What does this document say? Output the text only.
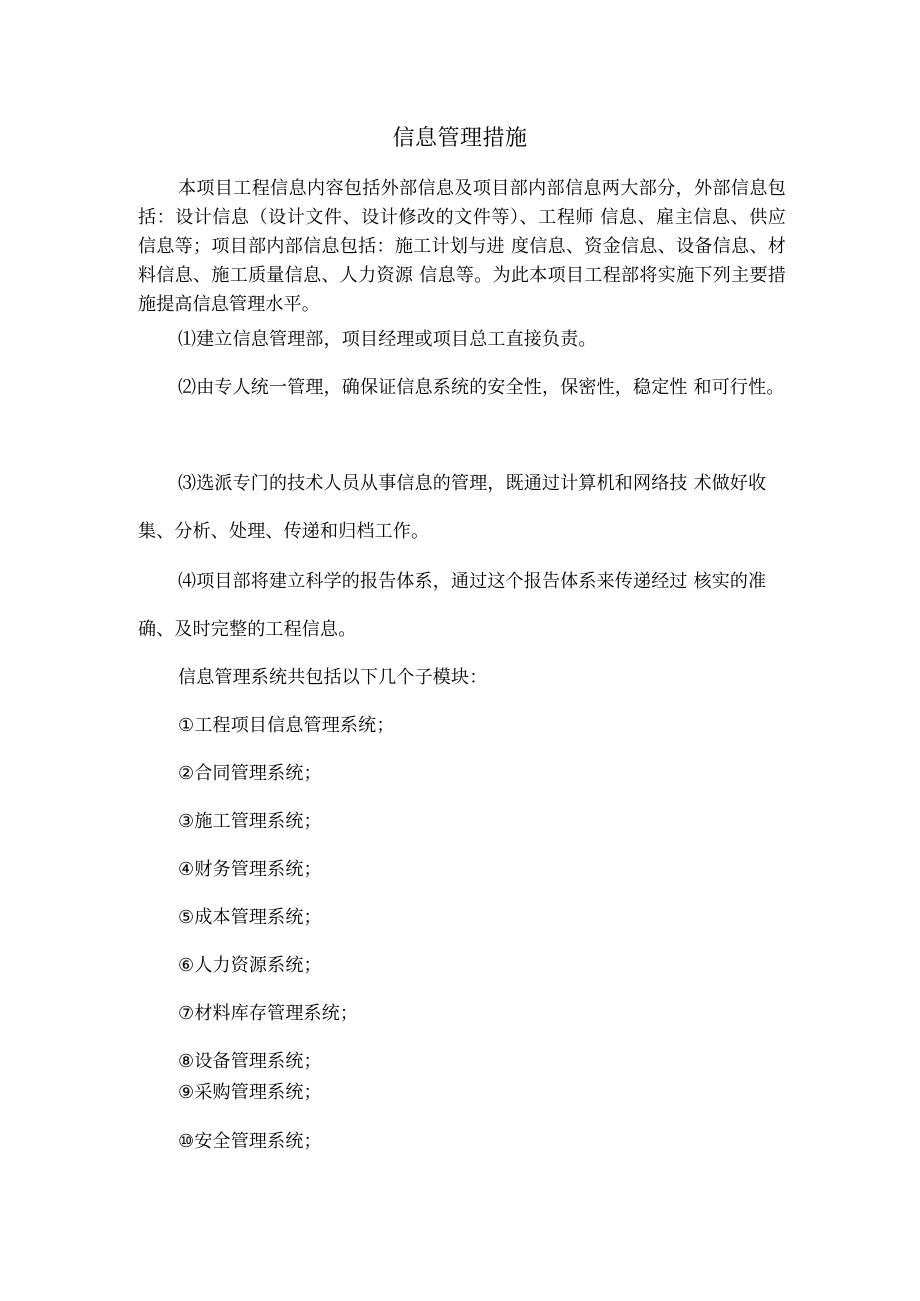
信息管理措施

本项目工程信息内容包括外部信息及项目部内部信息两大部分，外部信息包括：设计信息（设计文件、设计修改的文件等）、工程师 信息、雇主信息、供应信息等；项目部内部信息包括：施工计划与进 度信息、资金信息、设备信息、材料信息、施工质量信息、人力资源 信息等。为此本项目工程部将实施下列主要措施提高信息管理水平。

⑴建立信息管理部，项目经理或项目总工直接负责。

⑵由专人统一管理，确保证信息系统的安全性，保密性，稳定性 和可行性。

⑶选派专门的技术人员从事信息的管理，既通过计算机和网络技 术做好收集、分析、处理、传递和归档工作。

⑷项目部将建立科学的报告体系，通过这个报告体系来传递经过 核实的准确、及时完整的工程信息。

信息管理系统共包括以下几个子模块：

①工程项目信息管理系统；

②合同管理系统；

③施工管理系统；

④财务管理系统；

⑤成本管理系统；

⑥人力资源系统；

⑦材料库存管理系统；

⑧设备管理系统；

⑨采购管理系统；

⑩安全管理系统；
